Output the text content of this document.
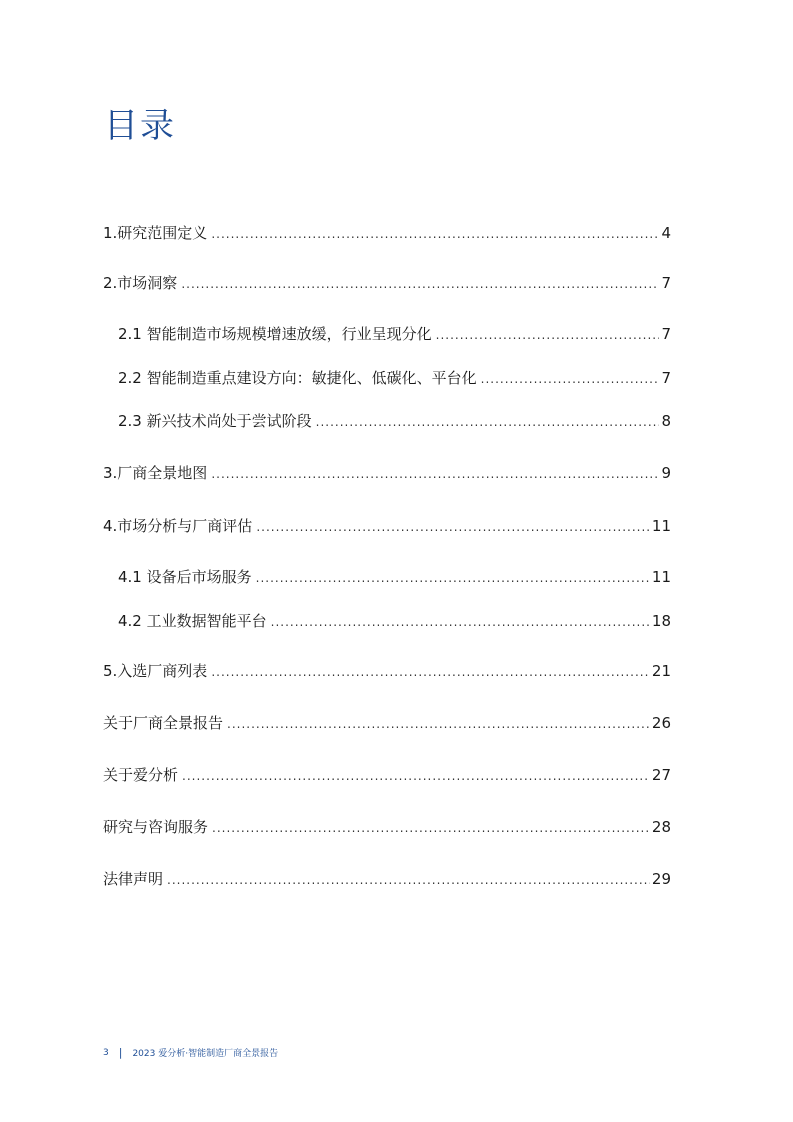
目录
1.研究范围定义 .....	4
2.市场洞察 .....	7
2.1 智能制造市场规模增速放缓，行业呈现分化 .....	7
2.2 智能制造重点建设方向：敏捷化、低碳化、平台化 .....	7
2.3 新兴技术尚处于尝试阶段 .....	8
3.厂商全景地图 .....	9
4.市场分析与厂商评估 .....	11
4.1 设备后市场服务 .....	11
4.2 工业数据智能平台 .....	18
5.入选厂商列表 .....	21
关于厂商全景报告 .....	26
关于爱分析 .....	27
研究与咨询服务 .....	28
法律声明 .....	29
3 | 2023 爱分析·智能制造厂商全景报告
